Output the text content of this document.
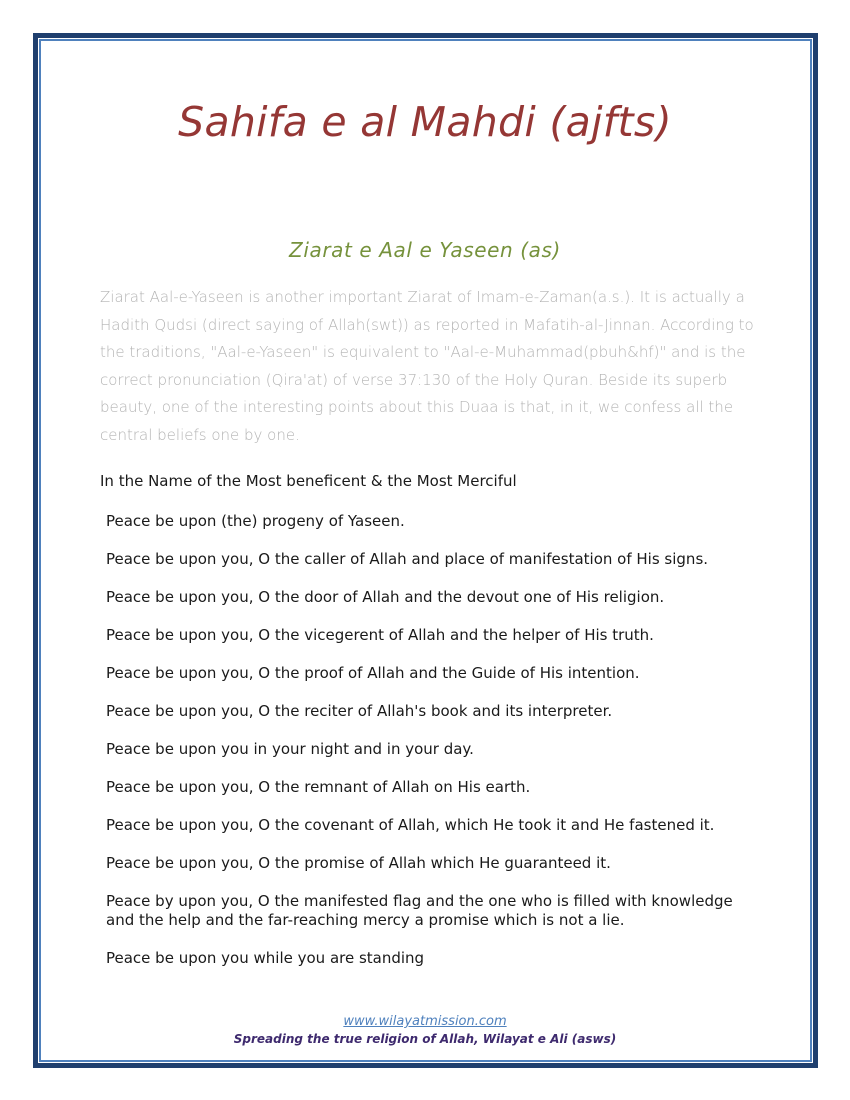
Sahifa e al Mahdi (ajfts)
Ziarat e Aal e Yaseen (as)

Ziarat Aal-e-Yaseen is another important Ziarat of Imam-e-Zaman(a.s.). It is actually a Hadith Qudsi (direct saying of Allah(swt)) as reported in Mafatih-al-Jinnan. According to the traditions, "Aal-e-Yaseen" is equivalent to "Aal-e-Muhammad(pbuh&hf)" and is the correct pronunciation (Qira'at) of verse 37:130 of the Holy Quran. Beside its superb beauty, one of the interesting points about this Duaa is that, in it, we confess all the central beliefs one by one.

In the Name of the Most beneficent & the Most Merciful

Peace be upon (the) progeny of Yaseen.
Peace be upon you, O the caller of Allah and place of manifestation of His signs.
Peace be upon you, O the door of Allah and the devout one of His religion.
Peace be upon you, O the vicegerent of Allah and the helper of His truth.
Peace be upon you, O the proof of Allah and the Guide of His intention.
Peace be upon you, O the reciter of Allah's book and its interpreter.
Peace be upon you in your night and in your day.
Peace be upon you, O the remnant of Allah on His earth.
Peace be upon you, O the covenant of Allah, which He took it and He fastened it.
Peace be upon you, O the promise of Allah which He guaranteed it.
Peace by upon you, O the manifested flag and the one who is filled with knowledge and the help and the far-reaching mercy a promise which is not a lie.
Peace be upon you while you are standing
www.wilayatmission.com
Spreading the true religion of Allah, Wilayat e Ali (asws)
